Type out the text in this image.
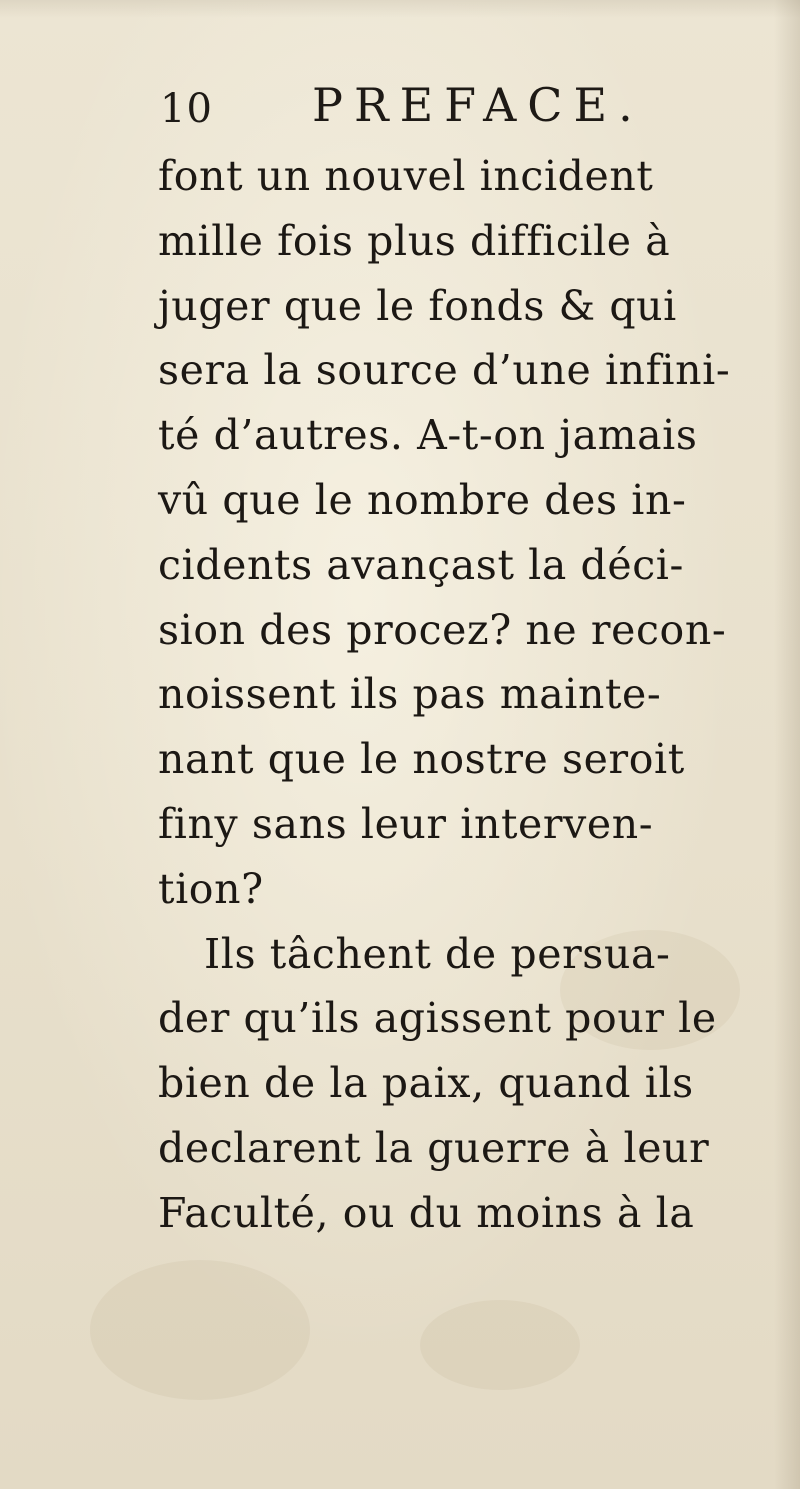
10 PREFACE.
font un nouvel incident
mille fois plus difficile à
juger que le fonds & qui
sera la source d’une infini-
té d’autres. A-t-on jamais
vû que le nombre des in-
cidents avançast la déci-
sion des procez? ne recon-
noissent ils pas mainte-
nant que le nostre seroit
finy sans leur interven-
tion?
Ils tâchent de persua-
der qu’ils agissent pour le
bien de la paix, quand ils
declarent la guerre à leur
Faculté, ou du moins à la
